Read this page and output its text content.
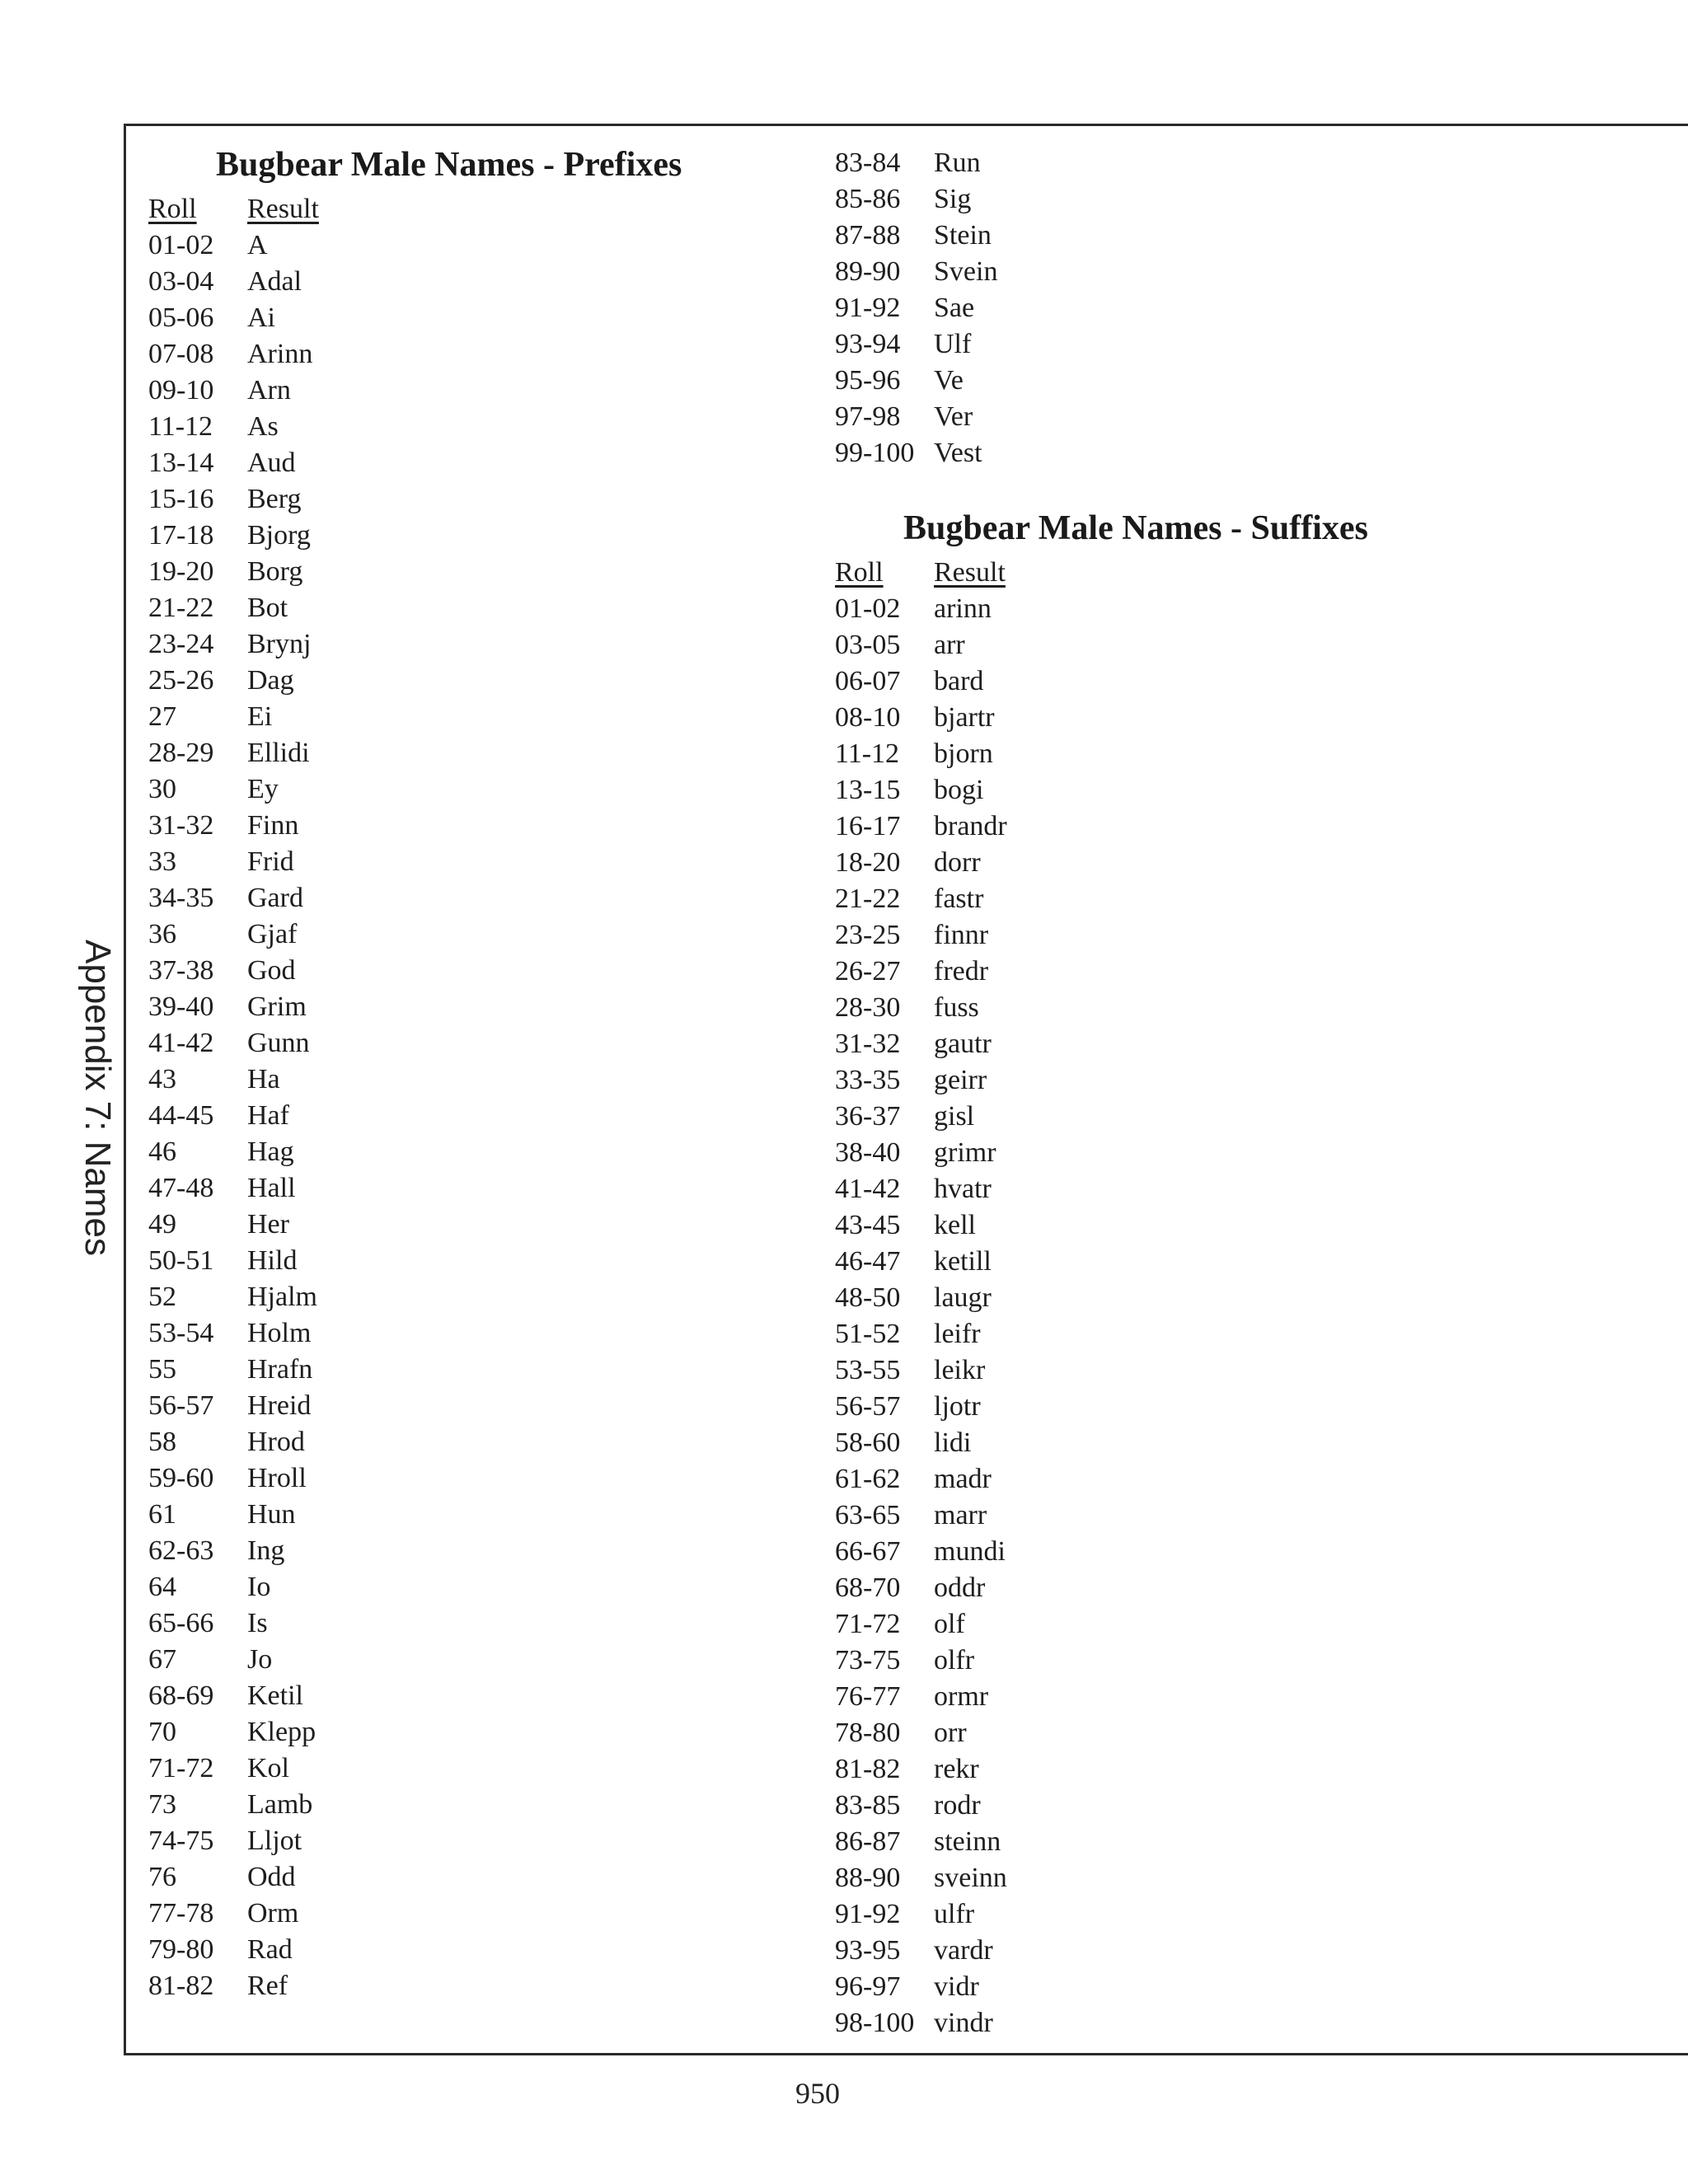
Appendix 7: Names
Bugbear Male Names - Prefixes
Roll	Result
01-02	A
03-04	Adal
05-06	Ai
07-08	Arinn
09-10	Arn
11-12	As
13-14	Aud
15-16	Berg
17-18	Bjorg
19-20	Borg
21-22	Bot
23-24	Brynj
25-26	Dag
27	Ei
28-29	Ellidi
30	Ey
31-32	Finn
33	Frid
34-35	Gard
36	Gjaf
37-38	God
39-40	Grim
41-42	Gunn
43	Ha
44-45	Haf
46	Hag
47-48	Hall
49	Her
50-51	Hild
52	Hjalm
53-54	Holm
55	Hrafn
56-57	Hreid
58	Hrod
59-60	Hroll
61	Hun
62-63	Ing
64	Io
65-66	Is
67	Jo
68-69	Ketil
70	Klepp
71-72	Kol
73	Lamb
74-75	Lljot
76	Odd
77-78	Orm
79-80	Rad
81-82	Ref
83-84	Run
85-86	Sig
87-88	Stein
89-90	Svein
91-92	Sae
93-94	Ulf
95-96	Ve
97-98	Ver
99-100 Vest
Bugbear Male Names - Suffixes
Roll	Result
01-02	arinn
03-05	arr
06-07	bard
08-10	bjartr
11-12	bjorn
13-15	bogi
16-17	brandr
18-20	dorr
21-22	fastr
23-25	finnr
26-27	fredr
28-30	fuss
31-32	gautr
33-35	geirr
36-37	gisl
38-40	grimr
41-42	hvatr
43-45	kell
46-47	ketill
48-50	laugr
51-52	leifr
53-55	leikr
56-57	ljotr
58-60	lidi
61-62	madr
63-65	marr
66-67	mundi
68-70	oddr
71-72	olf
73-75	olfr
76-77	ormr
78-80	orr
81-82	rekr
83-85	rodr
86-87	steinn
88-90	sveinn
91-92	ulfr
93-95	vardr
96-97	vidr
98-100 vindr
950
